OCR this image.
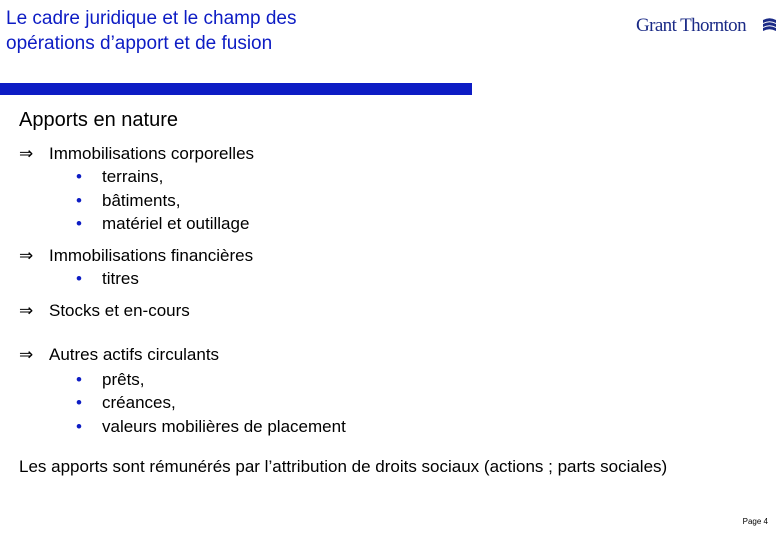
Le cadre juridique et le champ des
opérations d’apport et de fusion
Grant Thornton
Apports en nature
⇒ Immobilisations corporelles
• terrains,
• bâtiments,
• matériel et outillage
⇒ Immobilisations financières
• titres
⇒ Stocks et en-cours
⇒ Autres actifs circulants
• prêts,
• créances,
• valeurs mobilières de placement
Les apports sont rémunérés par l’attribution de droits sociaux (actions ; parts sociales)
Page 4
